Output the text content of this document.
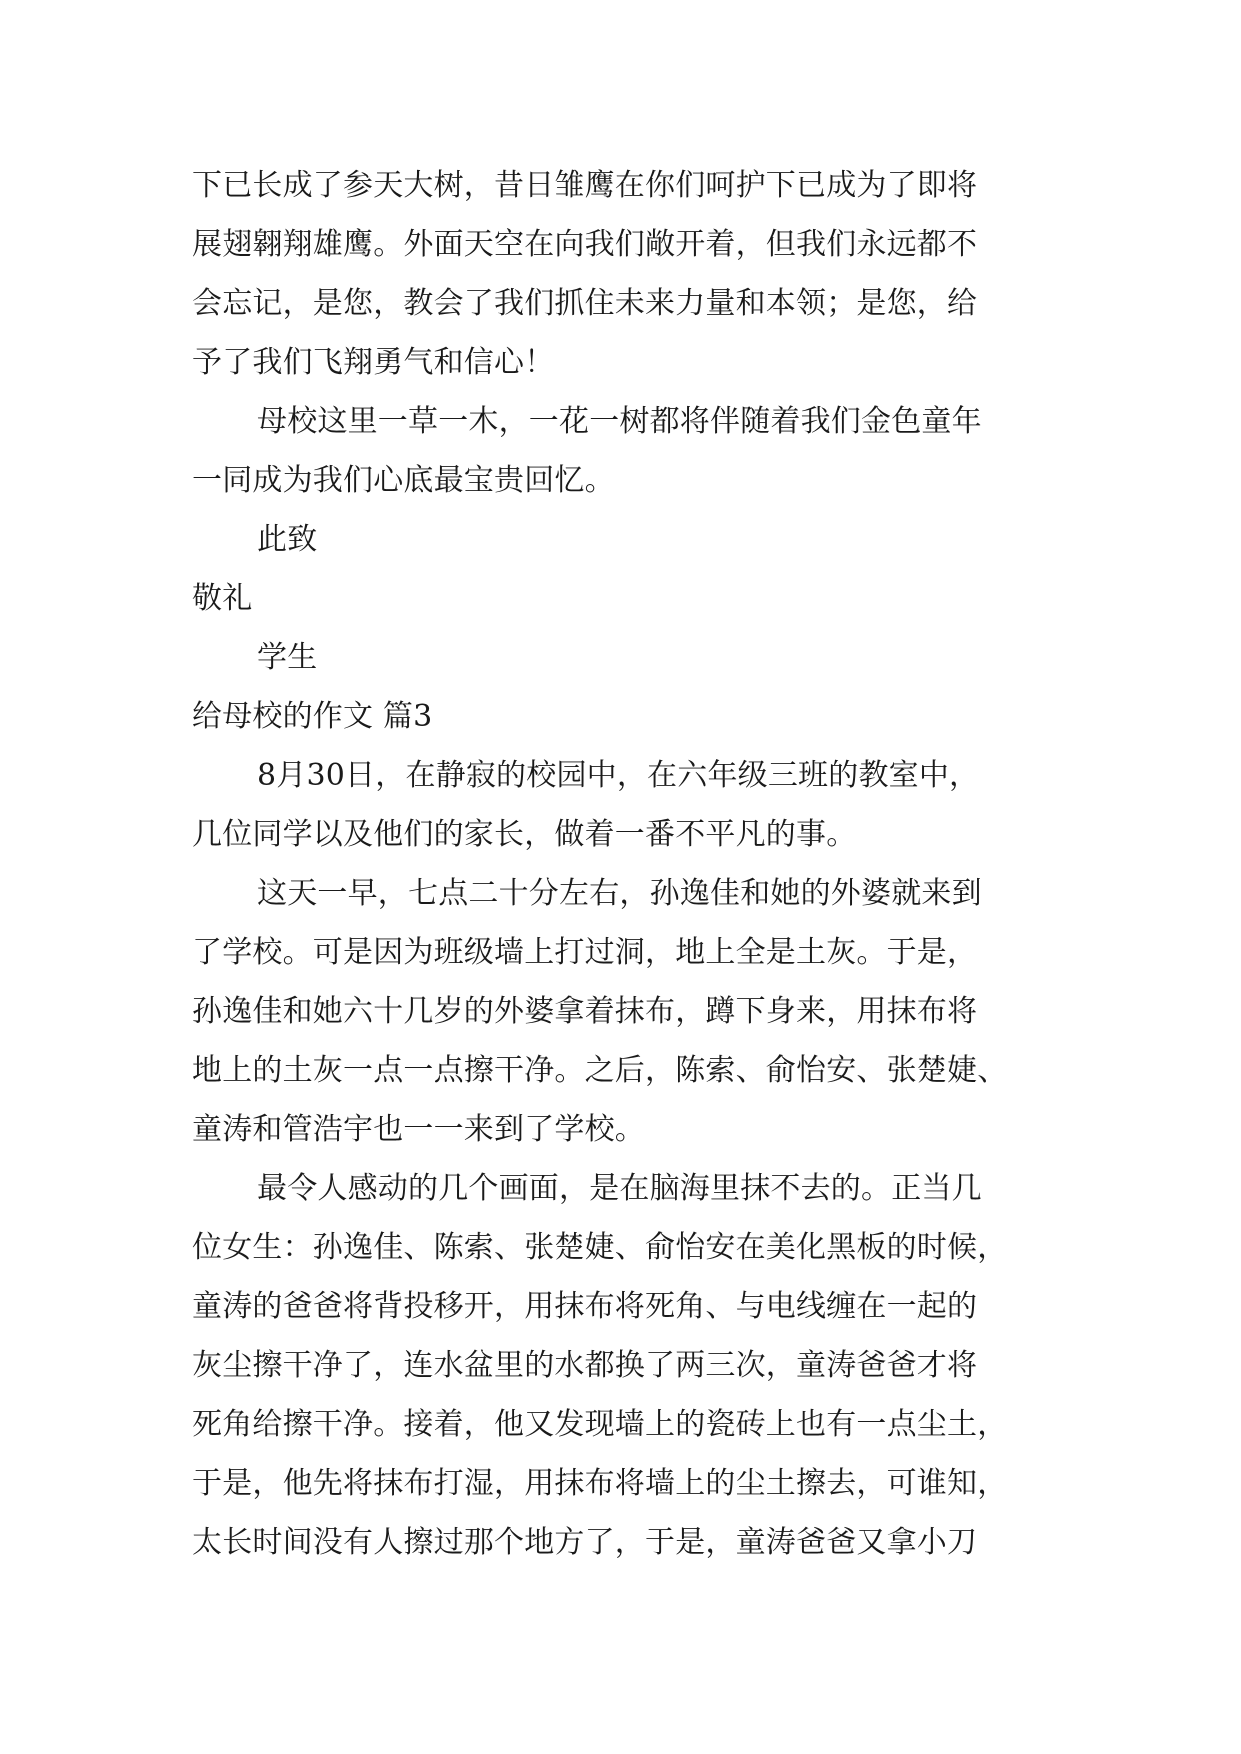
下已长成了参天大树，昔日雏鹰在你们呵护下已成为了即将
展翅翱翔雄鹰。外面天空在向我们敞开着，但我们永远都不
会忘记，是您，教会了我们抓住未来力量和本领；是您，给
予了我们飞翔勇气和信心！
母校这里一草一木，一花一树都将伴随着我们金色童年
一同成为我们心底最宝贵回忆。
此致
敬礼
学生
给母校的作文 篇3
8月30日，在静寂的校园中，在六年级三班的教室中，
几位同学以及他们的家长，做着一番不平凡的事。
这天一早，七点二十分左右，孙逸佳和她的外婆就来到
了学校。可是因为班级墙上打过洞，地上全是土灰。于是，
孙逸佳和她六十几岁的外婆拿着抹布，蹲下身来，用抹布将
地上的土灰一点一点擦干净。之后，陈索、俞怡安、张楚婕、
童涛和管浩宇也一一来到了学校。
最令人感动的几个画面，是在脑海里抹不去的。正当几
位女生：孙逸佳、陈索、张楚婕、俞怡安在美化黑板的时候，
童涛的爸爸将背投移开，用抹布将死角、与电线缠在一起的
灰尘擦干净了，连水盆里的水都换了两三次，童涛爸爸才将
死角给擦干净。接着，他又发现墙上的瓷砖上也有一点尘土，
于是，他先将抹布打湿，用抹布将墙上的尘土擦去，可谁知，
太长时间没有人擦过那个地方了，于是，童涛爸爸又拿小刀
